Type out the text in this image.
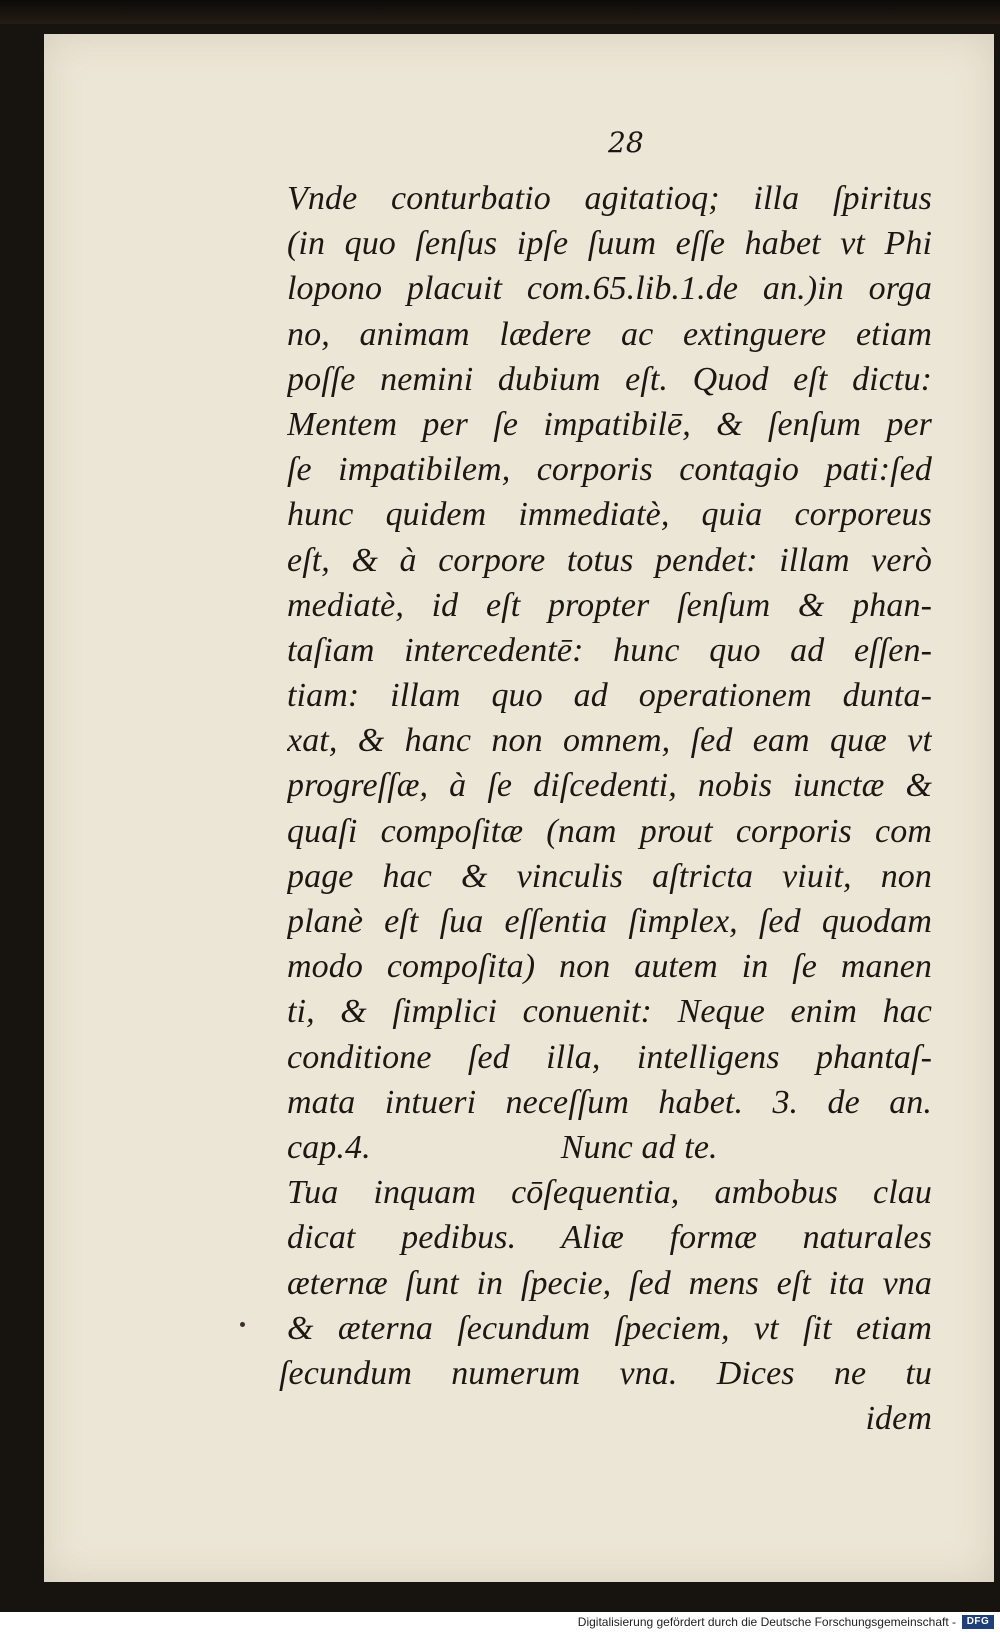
28

Vnde conturbatio agitatioq; illa ſpiritus
(in quo ſenſus ipſe ſuum eſſe habet vt Phi
lopono placuit com.65.lib.1.de an.)in orga
no, animam lædere ac extinguere etiam
poſſe nemini dubium eſt. Quod eſt dictu:
Mentem per ſe impatibilē, & ſenſum per
ſe impatibilem, corporis contagio pati:ſed
hunc quidem immediatè, quia corporeus
eſt, & à corpore totus pendet: illam verò
mediatè, id eſt propter ſenſum & phan-
taſiam intercedentē: hunc quo ad eſſen-
tiam: illam quo ad operationem dunta-
xat, & hanc non omnem, ſed eam quæ vt
progreſſæ, à ſe diſcedenti, nobis iunctæ &
quaſi compoſitæ (nam prout corporis com
page hac & vinculis aſtricta viuit, non
planè eſt ſua eſſentia ſimplex, ſed quodam
modo compoſita) non autem in ſe manen
ti, & ſimplici conuenit: Neque enim hac
conditione ſed illa, intelligens phantaſ-
mata intueri neceſſum habet. 3. de an.
cap.4.	Nunc ad te.
Tua inquam cōſequentia, ambobus clau
dicat pedibus. Aliæ formæ naturales
æternæ ſunt in ſpecie, ſed mens eſt ita vna
& æterna ſecundum ſpeciem, vt ſit etiam
ſecundum numerum vna. Dices ne tu
idem
Digitalisierung gefördert durch die Deutsche Forschungsgemeinschaft -	DFG
